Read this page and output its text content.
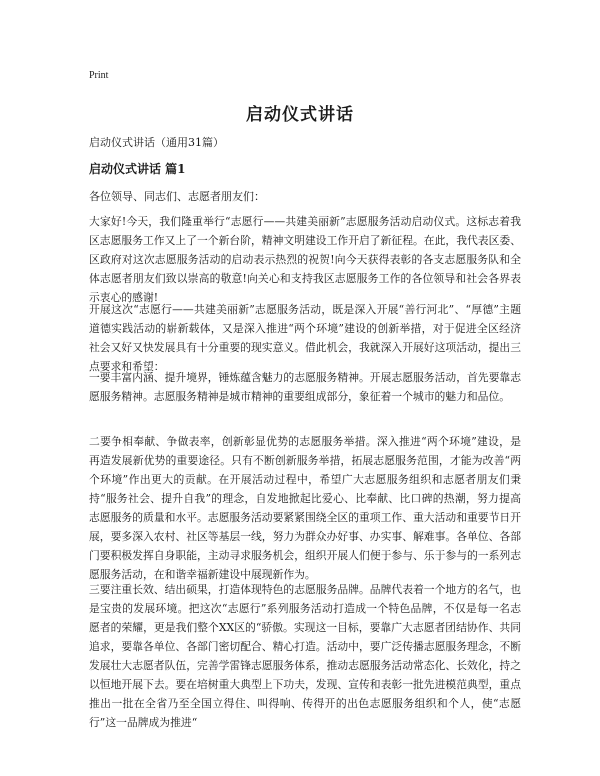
Print
启动仪式讲话
启动仪式讲话（通用31篇）
启动仪式讲话 篇1
各位领导、同志们、志愿者朋友们：

大家好!今天，我们隆重举行“志愿行——共建美丽新”志愿服务活动启动仪式。这标志着我区志愿服务工作又上了一个新台阶，精神文明建设工作开启了新征程。在此，我代表区委、区政府对这次志愿服务活动的启动表示热烈的祝贺!向今天获得表彰的各支志愿服务队和全体志愿者朋友们致以崇高的敬意!向关心和支持我区志愿服务工作的各位领导和社会各界表示衷心的感谢!

开展这次“志愿行——共建美丽新”志愿服务活动，既是深入开展“善行河北”、“厚德”主题道德实践活动的崭新载体，又是深入推进“两个环境”建设的创新举措，对于促进全区经济社会又好又快发展具有十分重要的现实意义。借此机会，我就深入开展好这项活动，提出三点要求和希望：

一要丰富内涵、提升境界，锤炼蕴含魅力的志愿服务精神。开展志愿服务活动，首先要靠志愿服务精神。志愿服务精神是城市精神的重要组成部分，象征着一个城市的魅力和品位。

二要争相奉献、争做表率，创新彰显优势的志愿服务举措。深入推进“两个环境”建设，是再造发展新优势的重要途径。只有不断创新服务举措，拓展志愿服务范围，才能为改善“两个环境”作出更大的贡献。在开展活动过程中，希望广大志愿服务组织和志愿者朋友们秉持“服务社会、提升自我”的理念，自发地掀起比爱心、比奉献、比口碑的热潮，努力提高志愿服务的质量和水平。志愿服务活动要紧紧围绕全区的重项工作、重大活动和重要节日开展，要多深入农村、社区等基层一线，努力为群众办好事、办实事、解难事。各单位、各部门要积极发挥自身职能，主动寻求服务机会，组织开展人们便于参与、乐于参与的一系列志愿服务活动，在和谐幸福新建设中展现新作为。

三要注重长效、结出硕果，打造体现特色的志愿服务品牌。品牌代表着一个地方的名气，也是宝贵的发展环境。把这次“志愿行”系列服务活动打造成一个特色品牌，不仅是每一名志愿者的荣耀，更是我们整个XX区的“骄傲。实现这一目标，要靠广大志愿者团结协作、共同追求，要靠各单位、各部门密切配合、精心打造。活动中，要广泛传播志愿服务理念，不断发展壮大志愿者队伍，完善学雷锋志愿服务体系，推动志愿服务活动常态化、长效化，持之以恒地开展下去。要在培树重大典型上下功夫，发现、宣传和表彰一批先进模范典型，重点推出一批在全省乃至全国立得住、叫得响、传得开的出色志愿服务组织和个人，使“志愿行”这一品牌成为推进“
